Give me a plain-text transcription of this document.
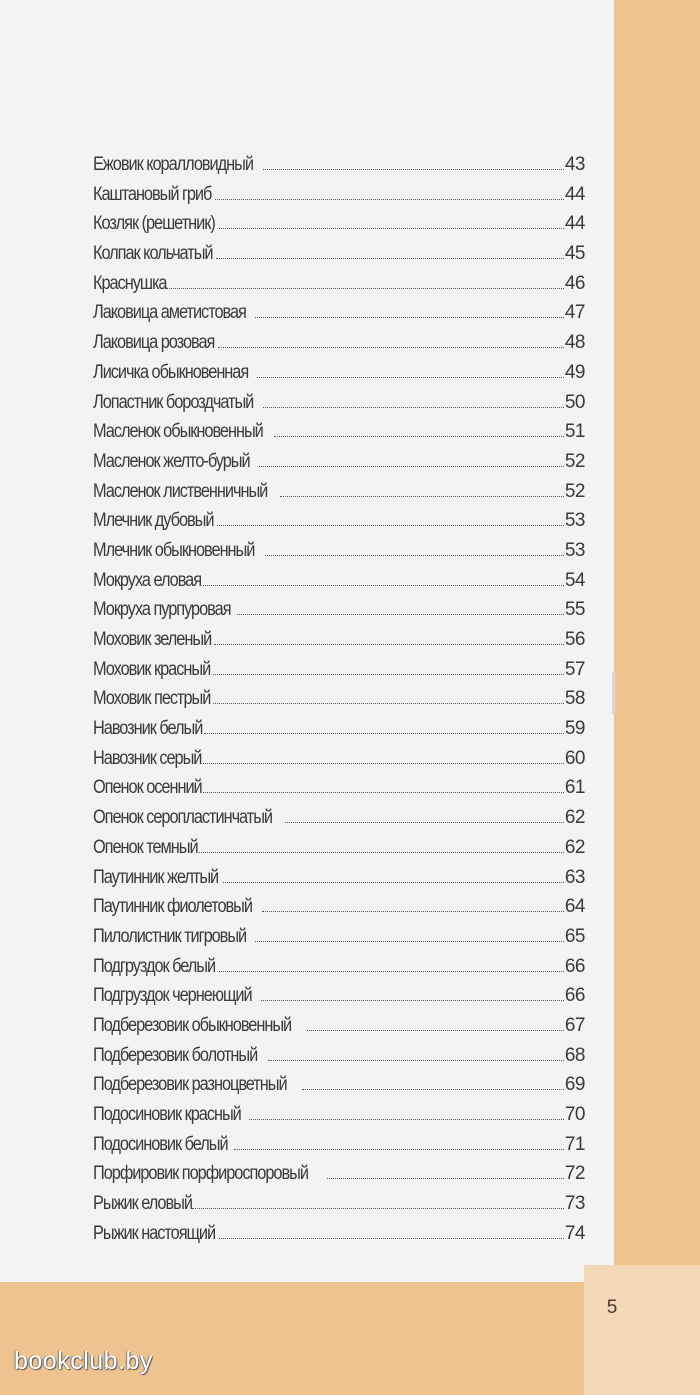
Ежовик коралловидный	43
Каштановый гриб	44
Козляк (решетник)	44
Колпак кольчатый	45
Краснушка	46
Лаковица аметистовая	47
Лаковица розовая	48
Лисичка обыкновенная	49
Лопастник бороздчатый	50
Масленок обыкновенный	51
Масленок желто-бурый	52
Масленок лиственничный	52
Млечник дубовый	53
Млечник обыкновенный	53
Мокруха еловая	54
Мокруха пурпуровая	55
Моховик зеленый	56
Моховик красный	57
Моховик пестрый	58
Навозник белый	59
Навозник серый	60
Опенок осенний	61
Опенок серопластинчатый	62
Опенок темный	62
Паутинник желтый	63
Паутинник фиолетовый	64
Пилолистник тигровый	65
Подгруздок белый	66
Подгруздок чернеющий	66
Подберезовик обыкновенный	67
Подберезовик болотный	68
Подберезовик разноцветный	69
Подосиновик красный	70
Подосиновик белый	71
Порфировик порфироспоровый	72
Рыжик еловый	73
Рыжик настоящий	74
bookclub.by
5
